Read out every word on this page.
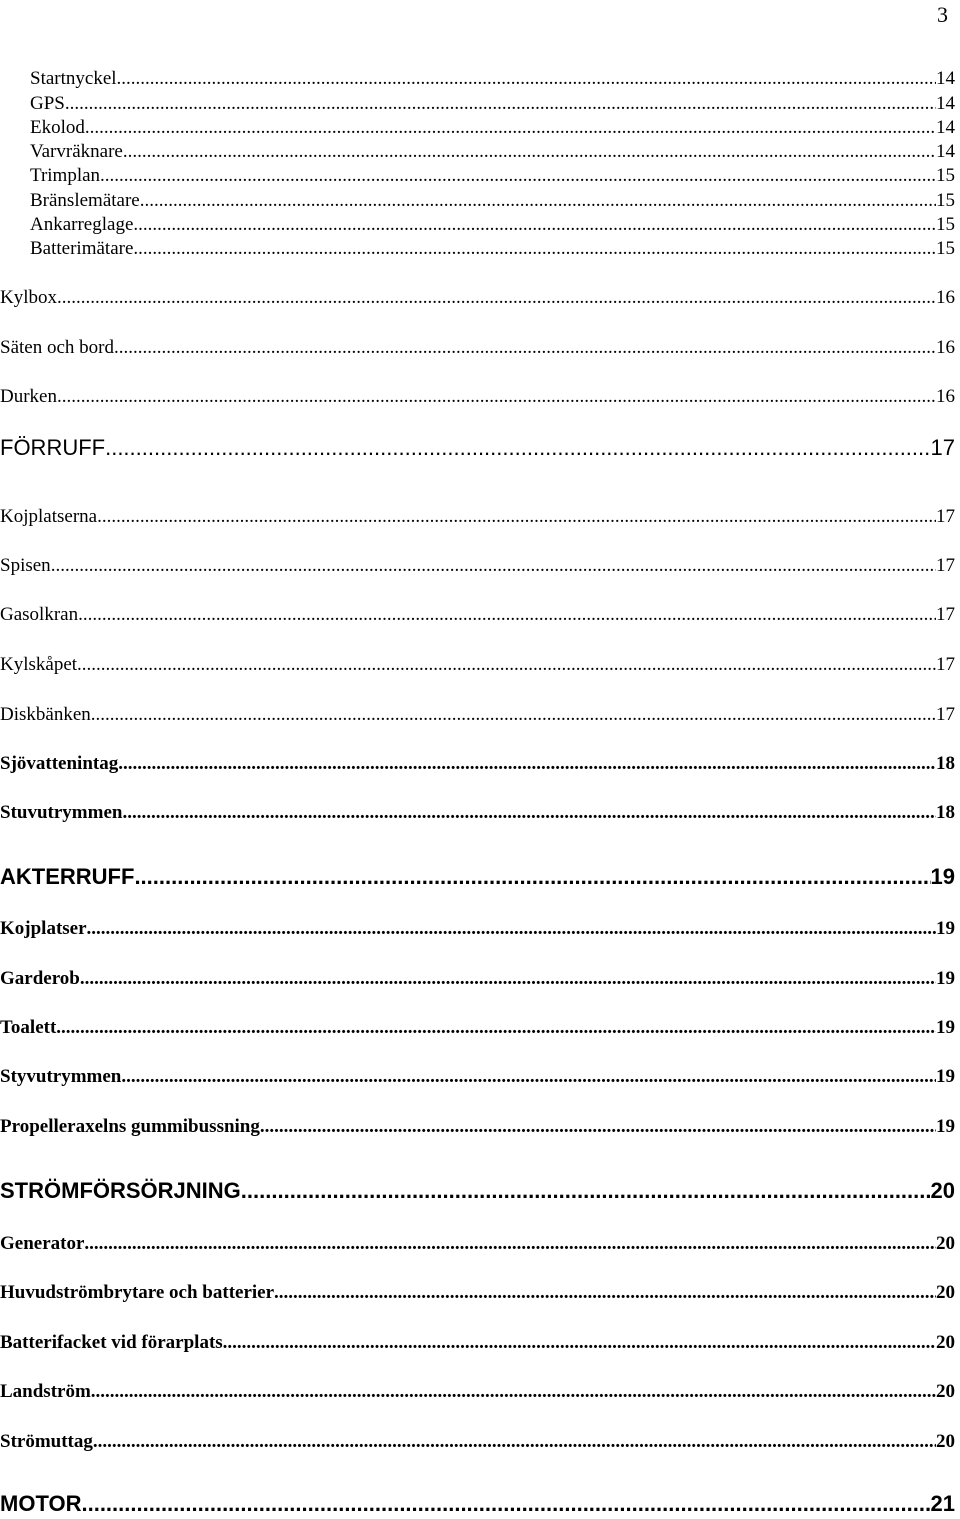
3
Startnyckel .....	14
GPS .....	14
Ekolod .....	14
Varvräknare .....	14
Trimplan .....	15
Bränslemätare .....	15
Ankarreglage .....	15
Batterimätare .....	15
Kylbox .....	16
Säten och bord .....	16
Durken .....	16
FÖRRUFF .....	17
Kojplatserna .....	17
Spisen .....	17
Gasolkran .....	17
Kylskåpet .....	17
Diskbänken .....	17
Sjövattenintag .....	18
Stuvutrymmen .....	18
AKTERRUFF .....	19
Kojplatser .....	19
Garderob .....	19
Toalett .....	19
Styvutrymmen .....	19
Propelleraxelns gummibussning .....	19
STRÖMFÖRSÖRJNING .....	20
Generator .....	20
Huvudströmbrytare och batterier .....	20
Batterifacket vid förarplats .....	20
Landström .....	20
Strömuttag .....	20
MOTOR .....	21
